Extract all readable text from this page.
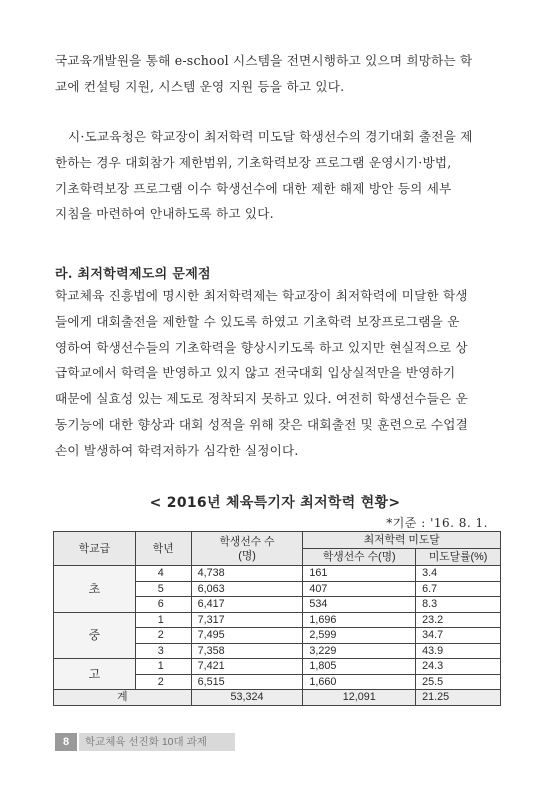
국교육개발원을 통해 e-school 시스템을 전면시행하고 있으며 희망하는 학
교에 컨설팅 지원, 시스템 운영 지원 등을 하고 있다.
시·도교육청은 학교장이 최저학력 미도달 학생선수의 경기대회 출전을 제
한하는 경우 대회참가 제한범위, 기초학력보장 프로그램 운영시기·방법,
기초학력보장 프로그램 이수 학생선수에 대한 제한 해제 방안 등의 세부
지침을 마련하여 안내하도록 하고 있다.
라. 최저학력제도의 문제점
학교체육 진흥법에 명시한 최저학력제는 학교장이 최저학력에 미달한 학생
들에게 대회출전을 제한할 수 있도록 하였고 기초학력 보장프로그램을 운
영하여 학생선수들의 기초학력을 향상시키도록 하고 있지만 현실적으로 상
급학교에서 학력을 반영하고 있지 않고 전국대회 입상실적만을 반영하기
때문에 실효성 있는 제도로 정착되지 못하고 있다. 여전히 학생선수들은 운
동기능에 대한 향상과 대회 성적을 위해 잦은 대회출전 및 훈련으로 수업결
손이 발생하여 학력저하가 심각한 실정이다.
< 2016년 체육특기자 최저학력 현황>
*기준 : '16. 8. 1.
학교급	학년	학생선수 수
(명)	최저학력 미도달	
			학생선수 수(명)	미도달률(%)
초	4	4,738	161	3.4
	5	6,063	407	6.7
	6	6,417	534	8.3
중	1	7,317	1,696	23.2
	2	7,495	2,599	34.7
	3	7,358	3,229	43.9
고	1	7,421	1,805	24.3
	2	6,515	1,660	25.5
계		53,324	12,091	21.25
8	학교체육 선진화 10대 과제
